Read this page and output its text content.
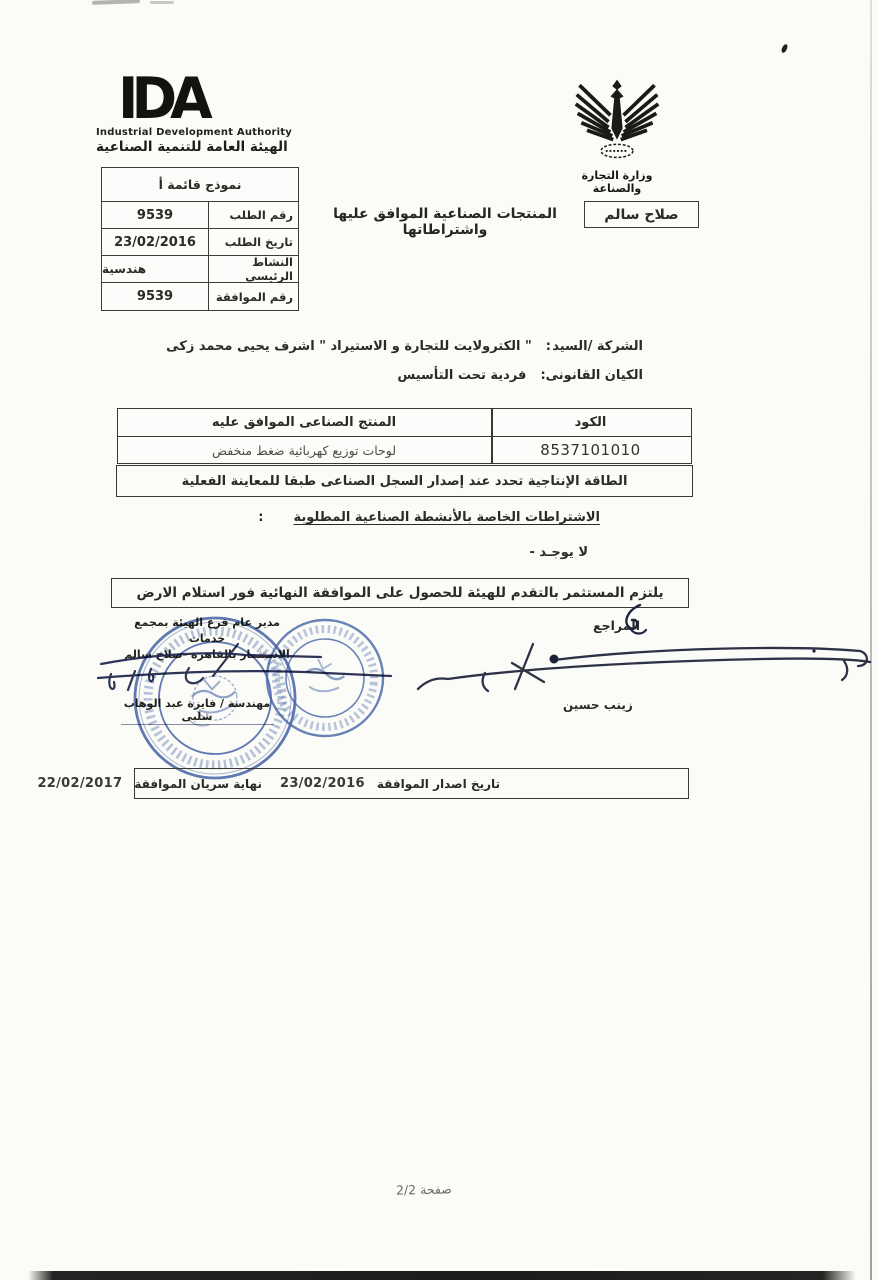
IDA
Industrial Development Authority
الهيئة العامة للتنمية الصناعية
وزارة التجارة والصناعة
نموذج قائمة أ
رقم الطلب
9539
تاريخ الطلب
23/02/2016
النشاط الرئيسى
هندسية
رقم الموافقة
9539
صلاح سالم
المنتجات الصناعية الموافق عليها واشتراطاتها
الشركة /السيد
:
" الكترولايت للتجارة و الاستيراد " اشرف يحيى محمد زكى
الكيان القانونى
:
فردية تحت التأسيس
الكود
المنتج الصناعى الموافق عليه
8537101010
لوحات توزيع كهربائية ضغط منخفض
الطاقة الإنتاجية تحدد عند إصدار السجل الصناعى طبقا للمعاينة الفعلية
الاشتراطات الخاصة بالأنشطة الصناعية المطلوبة
:
لا يوجـد -
يلتزم المستثمر بالتقدم للهيئة للحصول على الموافقة النهائية فور استلام الارض
المراجع
زينب حسين
مدير عام فرع الهيئة بمجمع خدمات
الاستثمار بالقاهرة -صلاح سالم
مهندسة / فايزة عبد الوهاب شلبى
تاريخ اصدار الموافقة
23/02/2016
نهاية سريان الموافقة
22/02/2017
صفحة 2/2
